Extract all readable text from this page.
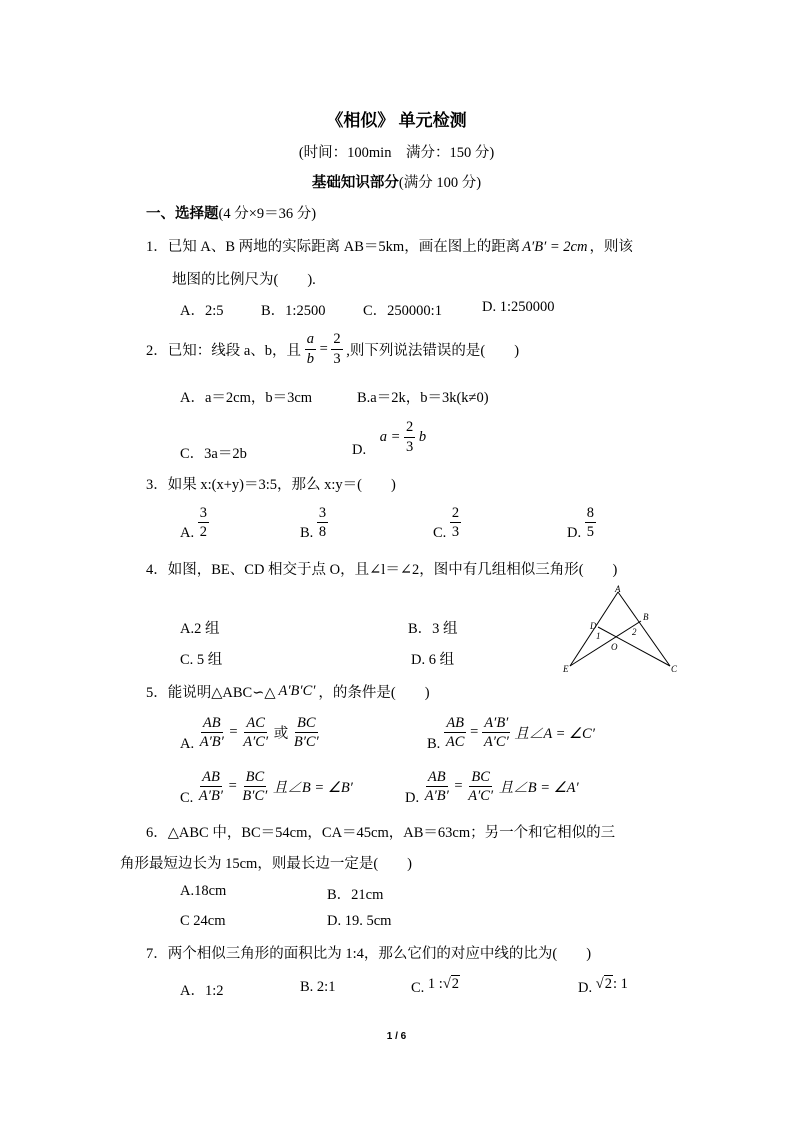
《相似》 单元检测
(时间：100min　满分：150 分)
基础知识部分(满分 100 分)
一、选择题(4 分×9＝36 分)
1．已知 A、B 两地的实际距离 AB＝5km，画在图上的距离 A′B′ = 2cm ，则该
地图的比例尺为(　　).
A．2:5	B．1:2500	C．250000:1	D. 1:250000
2．已知：线段 a、b，且 $\frac{a}{b} = \frac{2}{3}$ ,则下列说法错误的是(　　)
A．a＝2cm，b＝3cm	B.a＝2k，b＝3k(k≠0)
C．3a＝2b	D. $a = \frac{2}{3}$ b
3．如果 x:(x+y)＝3:5，那么 x:y＝(　　)
A. $\frac{3}{2}$	B. $\frac{3}{8}$	C. $\frac{2}{3}$	D. $\frac{8}{5}$
4．如图，BE、CD 相交于点 O，且∠l＝∠2，图中有几组相似三角形(　　)
A.2 组	B．3 组
C. 5 组	D. 6 组
A
B
C
D
E
O
1	2
5．能说明△ABC∽△ A′B′C′ ，的条件是(　　)
A. $\frac{AB}{A'B'} = \frac{AC}{A'C'}$ 或 $\frac{BC}{B'C'}$	B. $\frac{AB}{AC} = \frac{A'B'}{A'C'}$ 且∠A = ∠C′
C. $\frac{AB}{A'B'} = \frac{BC}{B'C'}$ 且∠B = ∠B′
D. $\frac{AB}{A'B'} = \frac{BC}{A'C'}$ 且∠B = ∠A′
6．△ABC 中，BC＝54cm，CA＝45cm，AB＝63cm；另一个和它相似的三
角形最短边长为 15cm，则最长边一定是(　　)
A.18cm	B．21cm
C 24cm	D. 19. 5cm
7．两个相似三角形的面积比为 1:4，那么它们的对应中线的比为(　　)
A．1:2	B. 2:1	C. 1 :√2	D. √2: 1
1 / 6
